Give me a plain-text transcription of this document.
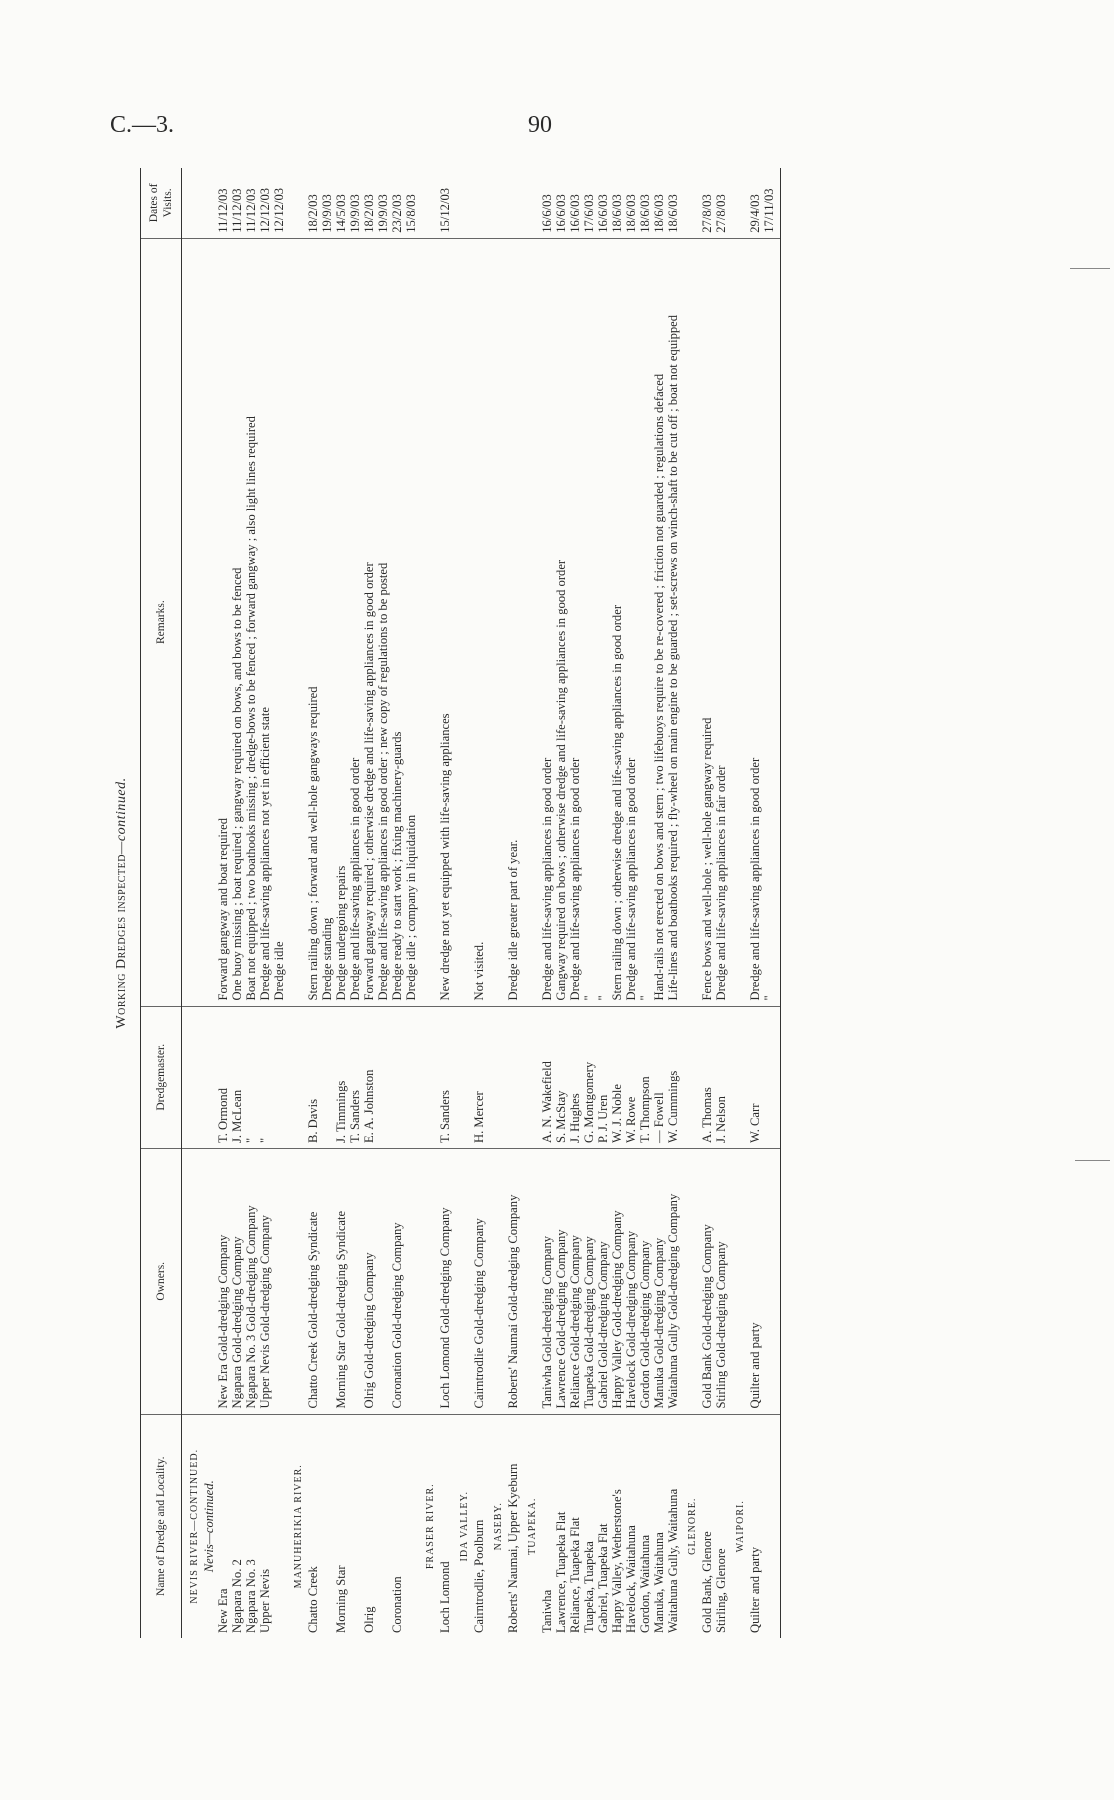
C.—3.	90
Working Dredges inspected—continued.
Name of Dredge and Locality.	Owners.	Dredgemaster.	Remarks.	Dates of Visits.
NEVIS RIVER—CONTINUED.				
Nevis—continued.				
New Era	New Era Gold-dredging Company	T. Ormond	Forward gangway and boat required	11/12/03
Ngapara No. 2	Ngapara Gold-dredging Company	J. McLean	One buoy missing ; boat required ; gangway required on bows, and bows to be fenced	11/12/03
Ngapara No. 3	Ngapara No. 3 Gold-dredging Company	"	Boat not equipped ; two boathooks missing ; dredge-bows to be fenced ; forward gangway ; also light lines required	11/12/03
Upper Nevis	Upper Nevis Gold-dredging Company	"	Dredge and life-saving appliances not yet in efficient state	12/12/03
			Dredge idle	12/12/03
MANUHERIKIA RIVER.				
Chatto Creek	Chatto Creek Gold-dredging Syndicate	B. Davis	Stern railing down ; forward and well-hole gangways required	18/2/03
			Dredge standing	19/9/03
Morning Star	Morning Star Gold-dredging Syndicate	J. Timmings	Dredge undergoing repairs	14/5/03
		T. Sanders	Dredge and life-saving appliances in good order	19/9/03
Olrig	Olrig Gold-dredging Company	E. A. Johnston	Forward gangway required ; otherwise dredge and life-saving appliances in good order	18/2/03
			Dredge and life-saving appliances in good order ; new copy of regulations to be posted	19/9/03
Coronation	Coronation Gold-dredging Company		Dredge ready to start work ; fixing machinery-guards	23/2/03
			Dredge idle ; company in liquidation	15/8/03
FRASER RIVER.				
Loch Lomond	Loch Lomond Gold-dredging Company	T. Sanders	New dredge not yet equipped with life-saving appliances	15/12/03
IDA VALLEY.				
Cairntrodlie, Poolburn	Cairntrodlie Gold-dredging Company	H. Mercer	Not visited.	
NASEBY.				
Roberts' Naumai, Upper Kyeburn	Roberts' Naumai Gold-dredging Company		Dredge idle greater part of year.	
TUAPEKA.				
Taniwha	Taniwha Gold-dredging Company	A. N. Wakefield	Dredge and life-saving appliances in good order	16/6/03
Lawrence, Tuapeka Flat	Lawrence Gold-dredging Company	S. McStay	Gangway required on bows ; otherwise dredge and life-saving appliances in good order	16/6/03
Reliance, Tuapeka Flat	Reliance Gold-dredging Company	J. Hughes	Dredge and life-saving appliances in good order	16/6/03
Tuapeka, Tuapeka	Tuapeka Gold-dredging Company	G. Montgomery	"	17/6/03
Gabriel, Tuapeka Flat	Gabriel Gold-dredging Company	P. J. Uren	"	16/6/03
Happy Valley, Wetherstone's	Happy Valley Gold-dredging Company	W. J. Noble	Stern railing down ; otherwise dredge and life-saving appliances in good order	18/6/03
Havelock, Waitahuna	Havelock Gold-dredging Company	W. Rowe	Dredge and life-saving appliances in good order	18/6/03
Gordon, Waitahuna	Gordon Gold-dredging Company	T. Thompson	"	18/6/03
Manuka, Waitahuna	Manuka Gold-dredging Company	— Fowell	Hand-rails not erected on bows and stern ; two lifebuoys require to be re-covered ; friction not guarded ; regulations defaced	18/6/03
Waitahuna Gully, Waitahuna	Waitahuna Gully Gold-dredging Company	W. Cummings	Life-lines and boathooks required ; fly-wheel on main engine to be guarded ; set-screws on winch-shaft to be cut off ; boat not equipped	18/6/03
GLENORE.				
Gold Bank, Glenore	Gold Bank Gold-dredging Company	A. Thomas	Fence bows and well-hole ; well-hole gangway required	27/8/03
Stirling, Glenore	Stirling Gold-dredging Company	J. Nelson	Dredge and life-saving appliances in fair order	27/8/03
WAIPORI.				
Quilter and party	Quilter and party	W. Carr	Dredge and life-saving appliances in good order	29/4/03
			"	17/11/03
